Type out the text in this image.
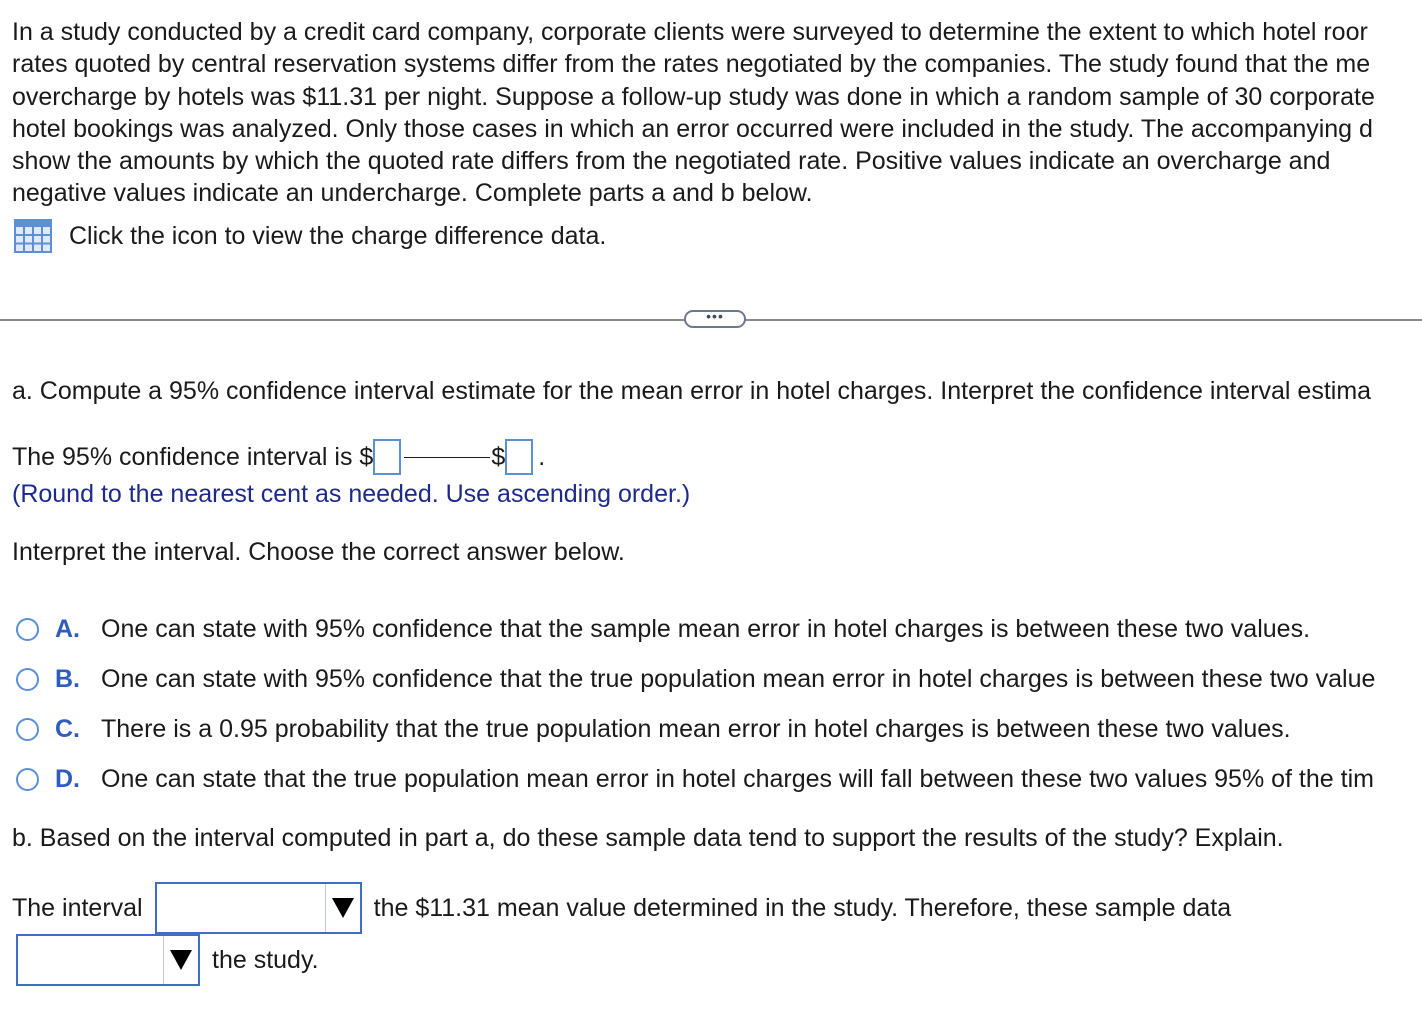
In a study conducted by a credit card company, corporate clients were surveyed to determine the extent to which hotel roor
rates quoted by central reservation systems differ from the rates negotiated by the companies. The study found that the me
overcharge by hotels was $11.31 per night. Suppose a follow-up study was done in which a random sample of 30 corporate
hotel bookings was analyzed. Only those cases in which an error occurred were included in the study. The accompanying d
show the amounts by which the quoted rate differs from the negotiated rate. Positive values indicate an overcharge and
negative values indicate an undercharge. Complete parts a and b below.
Click the icon to view the charge difference data.
•••
a. Compute a 95% confidence interval estimate for the mean error in hotel charges. Interpret the confidence interval estima
The 95% confidence interval is $	$ .
(Round to the nearest cent as needed. Use ascending order.)
Interpret the interval. Choose the correct answer below.
A. One can state with 95% confidence that the sample mean error in hotel charges is between these two values.
B. One can state with 95% confidence that the true population mean error in hotel charges is between these two value
C. There is a 0.95 probability that the true population mean error in hotel charges is between these two values.
D. One can state that the true population mean error in hotel charges will fall between these two values 95% of the tim
b. Based on the interval computed in part a, do these sample data tend to support the results of the study? Explain.
The interval	the $11.31 mean value determined in the study. Therefore, these sample data
the study.
